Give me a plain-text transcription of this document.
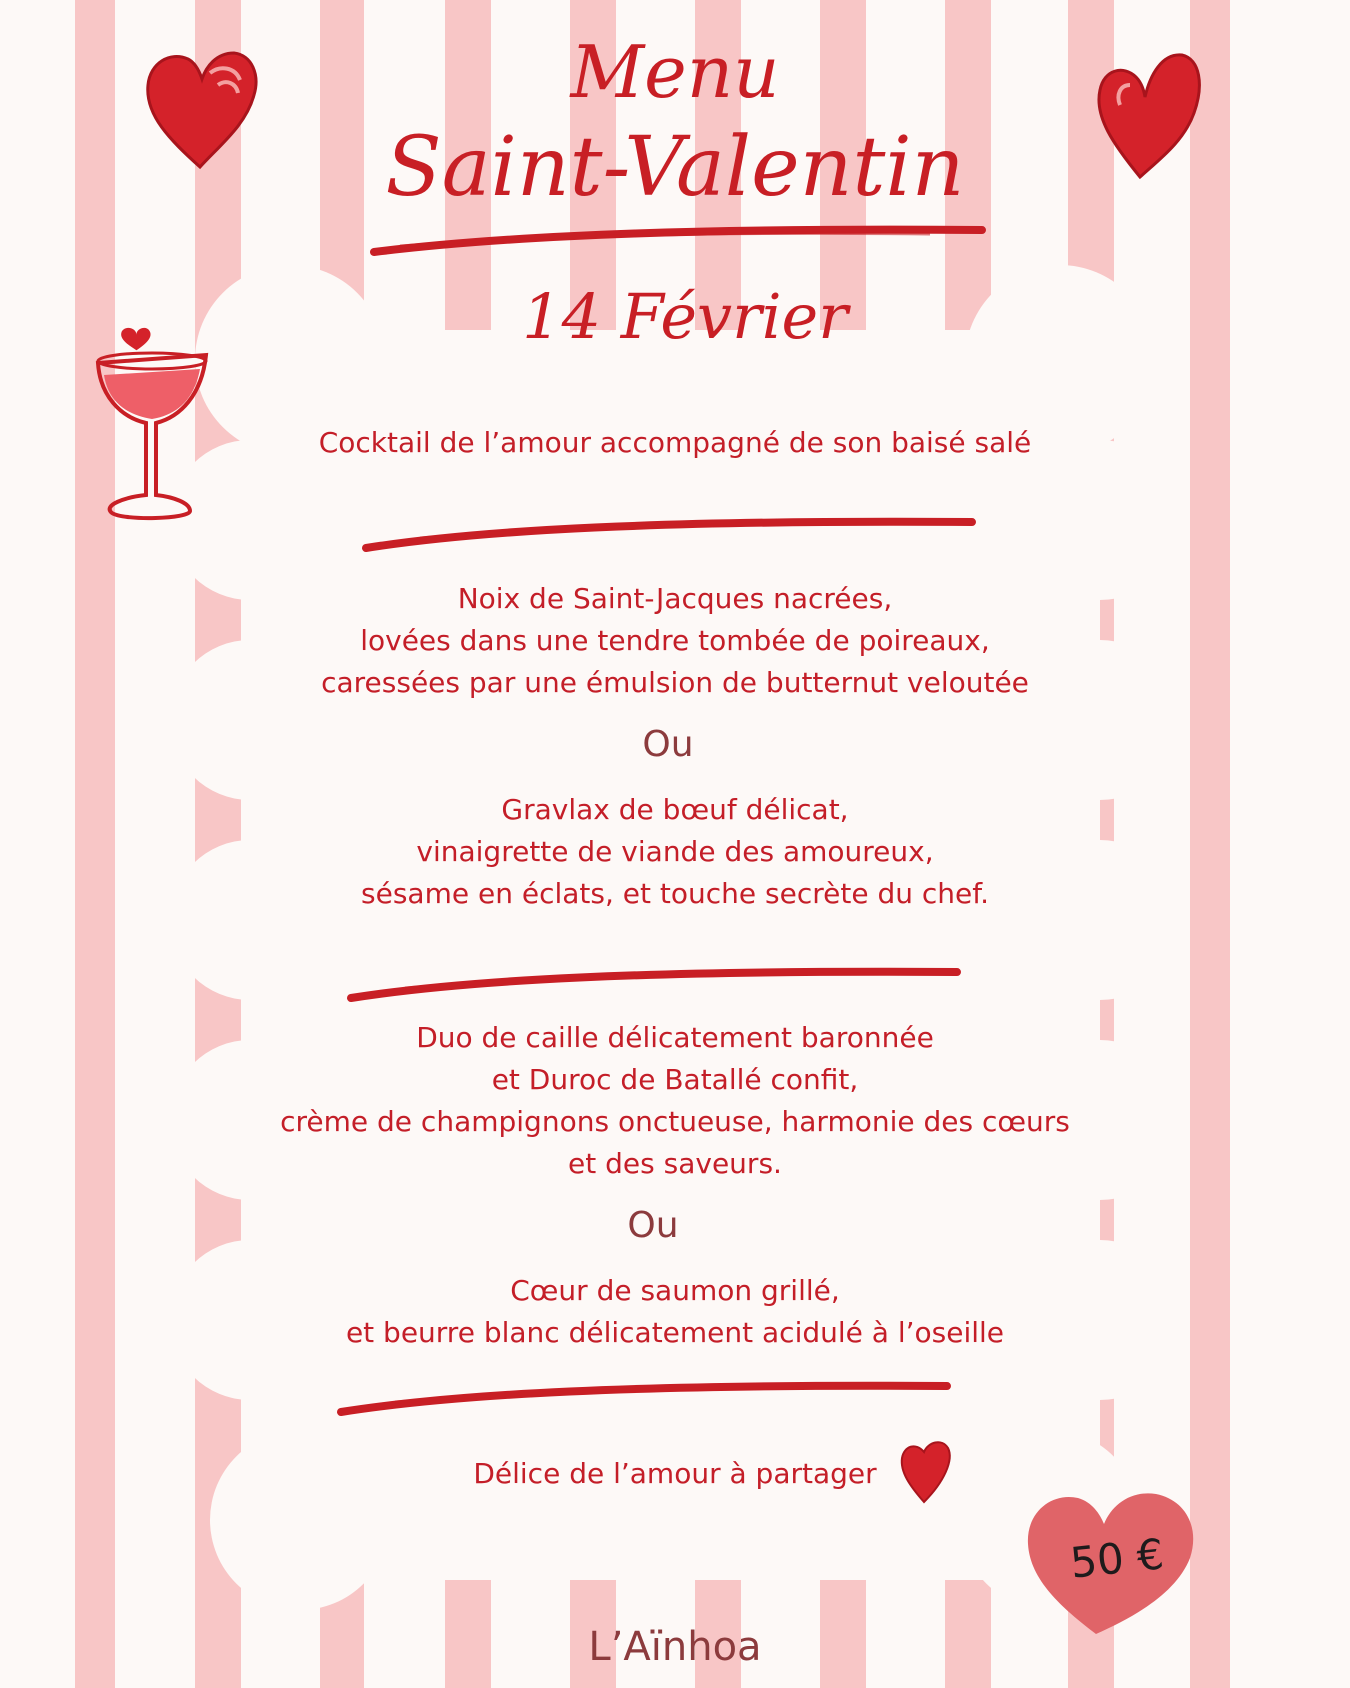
Menu
Saint-Valentin
14 Février
Cocktail de l’amour accompagné de son baisé salé
Noix de Saint-Jacques nacrées,
lovées dans une tendre tombée de poireaux,
caressées par une émulsion de butternut veloutée
Ou
Gravlax de bœuf délicat,
vinaigrette de viande des amoureux,
sésame en éclats, et touche secrète du chef.
Duo de caille délicatement baronnée
et Duroc de Batallé confit,
crème de champignons onctueuse, harmonie des cœurs
et des saveurs.
Ou
Cœur de saumon grillé,
et beurre blanc délicatement acidulé à l’oseille
Délice de l’amour à partager
50 €
L’Aïnhoa
